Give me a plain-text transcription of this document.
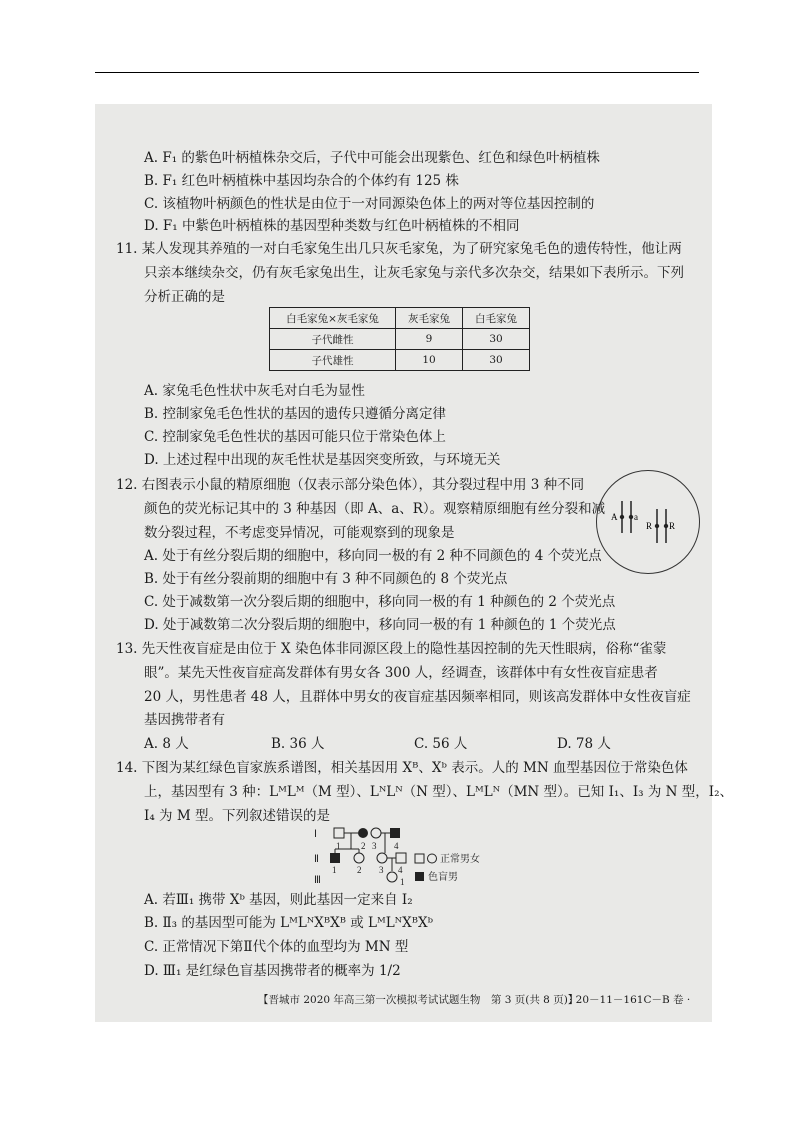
A. F₁ 的紫色叶柄植株杂交后，子代中可能会出现紫色、红色和绿色叶柄植株
B. F₁ 红色叶柄植株中基因均杂合的个体约有 125 株
C. 该植物叶柄颜色的性状是由位于一对同源染色体上的两对等位基因控制的
D. F₁ 中紫色叶柄植株的基因型种类数与红色叶柄植株的不相同
11. 某人发现其养殖的一对白毛家兔生出几只灰毛家兔，为了研究家兔毛色的遗传特性，他让两
只亲本继续杂交，仍有灰毛家兔出生，让灰毛家兔与亲代多次杂交，结果如下表所示。下列
分析正确的是
白毛家兔×灰毛家兔	灰毛家兔	白毛家兔
子代雌性	9	30
子代雄性	10	30
A. 家兔毛色性状中灰毛对白毛为显性
B. 控制家兔毛色性状的基因的遗传只遵循分离定律
C. 控制家兔毛色性状的基因可能只位于常染色体上
D. 上述过程中出现的灰毛性状是基因突变所致，与环境无关
12. 右图表示小鼠的精原细胞（仅表示部分染色体），其分裂过程中用 3 种不同
颜色的荧光标记其中的 3 种基因（即 A、a、R）。观察精原细胞有丝分裂和减
数分裂过程，不考虑变异情况，可能观察到的现象是
A a
R R
A. 处于有丝分裂后期的细胞中，移向同一极的有 2 种不同颜色的 4 个荧光点
B. 处于有丝分裂前期的细胞中有 3 种不同颜色的 8 个荧光点
C. 处于减数第一次分裂后期的细胞中，移向同一极的有 1 种颜色的 2 个荧光点
D. 处于减数第二次分裂后期的细胞中，移向同一极的有 1 种颜色的 1 个荧光点
13. 先天性夜盲症是由位于 X 染色体非同源区段上的隐性基因控制的先天性眼病，俗称“雀蒙
眼”。某先天性夜盲症高发群体有男女各 300 人，经调查，该群体中有女性夜盲症患者
20 人，男性患者 48 人，且群体中男女的夜盲症基因频率相同，则该高发群体中女性夜盲症
基因携带者有
A. 8 人	B. 36 人	C. 56 人	D. 78 人
14. 下图为某红绿色盲家族系谱图，相关基因用 Xᴮ、Xᵇ 表示。人的 MN 血型基因位于常染色体
上，基因型有 3 种：LᴹLᴹ（M 型）、LᴺLᴺ（N 型）、LᴹLᴺ（MN 型）。已知 Ⅰ₁、Ⅰ₃ 为 N 型，Ⅰ₂、
Ⅰ₄ 为 M 型。下列叙述错误的是
Ⅰ
Ⅱ
Ⅲ
1 2 3 4
1 2 3 4
1
正常男女
色盲男
A. 若Ⅲ₁ 携带 Xᵇ 基因，则此基因一定来自 Ⅰ₂
B. Ⅱ₃ 的基因型可能为 LᴹLᴺXᴮXᴮ 或 LᴹLᴺXᴮXᵇ
C. 正常情况下第Ⅱ代个体的血型均为 MN 型
D. Ⅲ₁ 是红绿色盲基因携带者的概率为 1/2
【晋城市 2020 年高三第一次模拟考试试题生物　第 3 页(共 8 页)】
· 20－11－161C－B 卷 ·
